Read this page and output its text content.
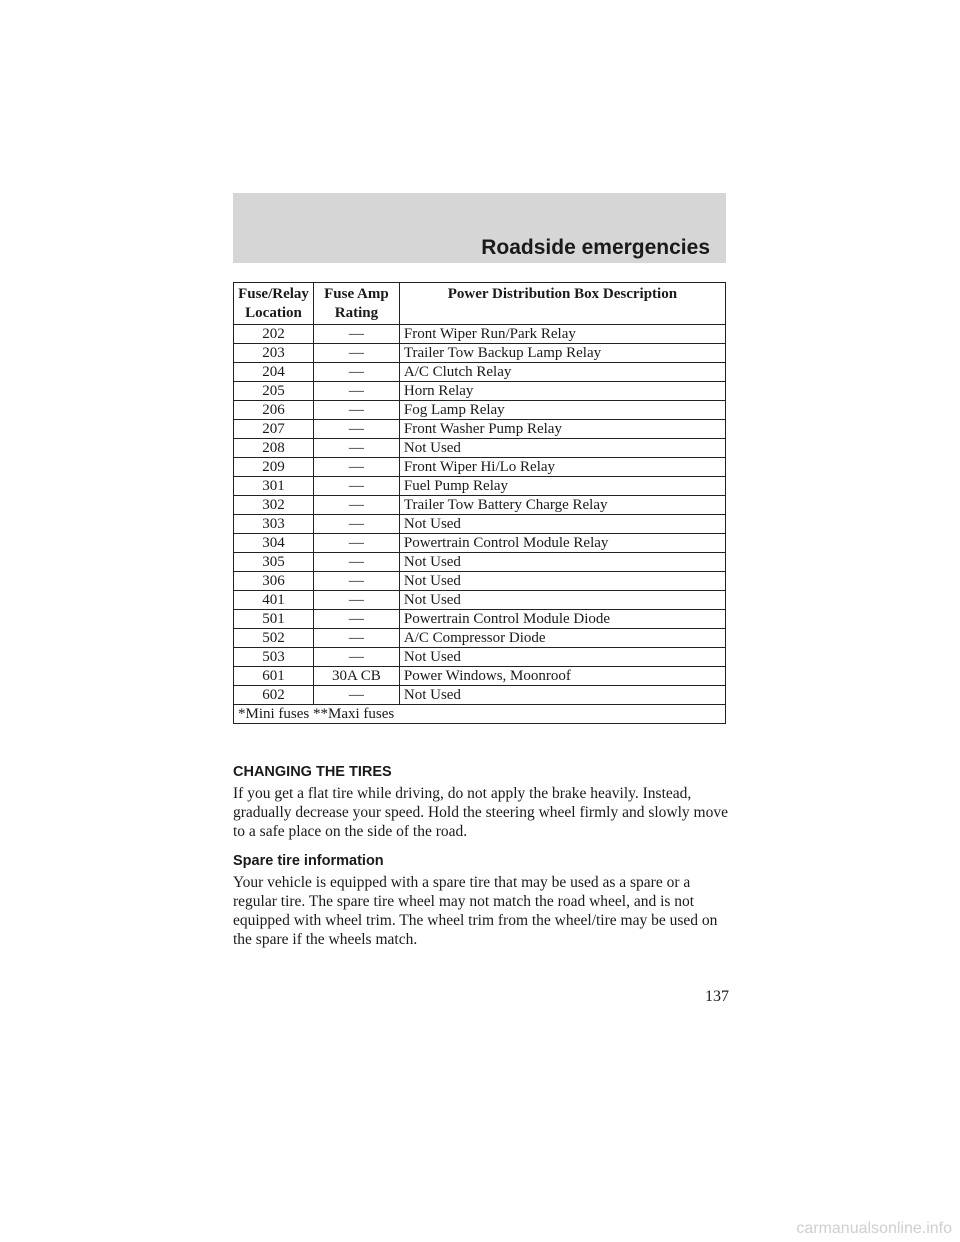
Roadside emergencies
Fuse/Relay Location	Fuse Amp Rating	Power Distribution Box Description
202	—	Front Wiper Run/Park Relay
203	—	Trailer Tow Backup Lamp Relay
204	—	A/C Clutch Relay
205	—	Horn Relay
206	—	Fog Lamp Relay
207	—	Front Washer Pump Relay
208	—	Not Used
209	—	Front Wiper Hi/Lo Relay
301	—	Fuel Pump Relay
302	—	Trailer Tow Battery Charge Relay
303	—	Not Used
304	—	Powertrain Control Module Relay
305	—	Not Used
306	—	Not Used
401	—	Not Used
501	—	Powertrain Control Module Diode
502	—	A/C Compressor Diode
503	—	Not Used
601	30A CB	Power Windows, Moonroof
602	—	Not Used
*Mini fuses **Maxi fuses		
CHANGING THE TIRES

If you get a flat tire while driving, do not apply the brake heavily. Instead, gradually decrease your speed. Hold the steering wheel firmly and slowly move to a safe place on the side of the road.

Spare tire information

Your vehicle is equipped with a spare tire that may be used as a spare or a regular tire. The spare tire wheel may not match the road wheel, and is not equipped with wheel trim. The wheel trim from the wheel/tire may be used on the spare if the wheels match.

137
carmanualsonline.info
